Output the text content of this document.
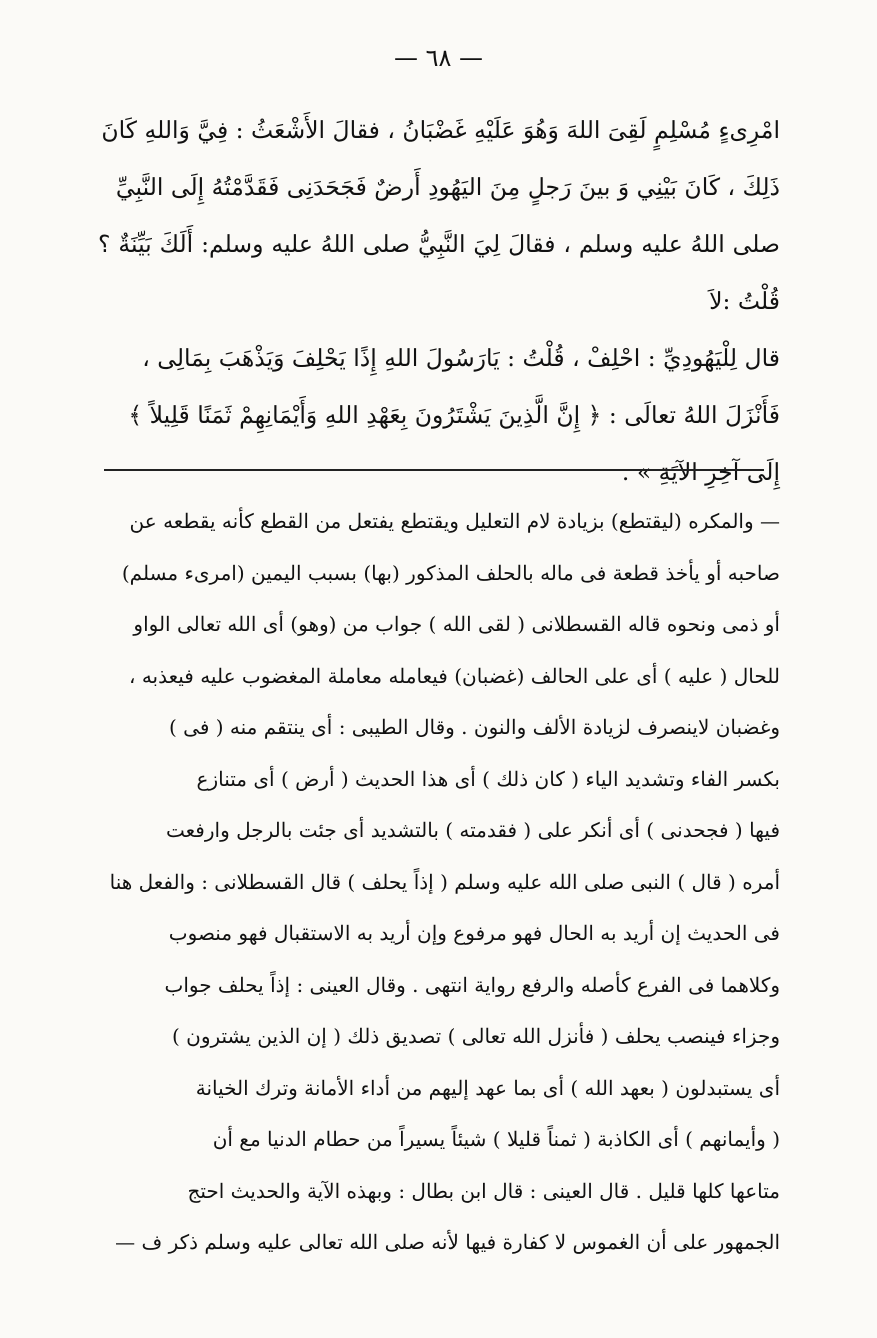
— ٦٨ —

امْرِىءٍ مُسْلِمٍ لَقِىَ اللهَ وَهُوَ عَلَيْهِ غَضْبَانُ ، فقالَ الأَشْعَثُ : فِيَّ وَاللهِ كَانَ

ذَلِكَ ، كَانَ بَيْنِي وَ بينَ رَجلٍ مِنَ اليَهُودِ أَرضٌ فَجَحَدَنِى فَقَدَّمْتُهُ إِلَى النَّبِيِّ

صلى اللهُ عليه وسلم ، فقالَ لِيَ النَّبِيُّ صلى اللهُ عليه وسلم: أَلَكَ بَيِّنَةٌ ؟ قُلْتُ :لاَ

قال لِلْيَهُودِيِّ : احْلِفْ ، قُلْتُ : يَارَسُولَ اللهِ إِذًا يَحْلِفَ وَيَذْهَبَ بِمَالِى ،

فَأَنْزَلَ اللهُ تعالَى : ﴿ إِنَّ الَّذِينَ يَشْتَرُونَ بِعَهْدِ اللهِ وَأَيْمَانِهِمْ ثَمَنًا قَلِيلاً ﴾

إِلَى آخِرِ الآيَةِ » .

— والمكره (ليقتطع) بزيادة لام التعليل ويقتطع يفتعل من القطع كأنه يقطعه عن

صاحبه أو يأخذ قطعة فى ماله بالحلف المذكور (بها) بسبب اليمين (امرىء مسلم)

أو ذمى ونحوه قاله القسطلانى ( لقى الله ) جواب من (وهو) أى الله تعالى الواو

للحال ( عليه ) أى على الحالف (غضبان) فيعامله معاملة المغضوب عليه فيعذبه ،

وغضبان لاينصرف لزيادة الألف والنون . وقال الطيبى : أى ينتقم منه ( فى )

بكسر الفاء وتشديد الياء ( كان ذلك ) أى هذا الحديث ( أرض ) أى متنازع

فيها ( فجحدنى ) أى أنكر على ( فقدمته ) بالتشديد أى جئت بالرجل وارفعت

أمره ( قال ) النبى صلى الله عليه وسلم ( إذاً يحلف ) قال القسطلانى : والفعل هنا

فى الحديث إن أريد به الحال فهو مرفوع وإن أريد به الاستقبال فهو منصوب

وكلاهما فى الفرع كأصله والرفع رواية انتهى . وقال العينى : إذاً يحلف جواب

وجزاء فينصب يحلف ( فأنزل الله تعالى ) تصديق ذلك ( إن الذين يشترون )

أى يستبدلون ( بعهد الله ) أى بما عهد إليهم من أداء الأمانة وترك الخيانة

( وأيمانهم ) أى الكاذبة ( ثمناً قليلا ) شيئاً يسيراً من حطام الدنيا مع أن

متاعها كلها قليل . قال العينى : قال ابن بطال : وبهذه الآية والحديث احتج

الجمهور على أن الغموس لا كفارة فيها لأنه صلى الله تعالى عليه وسلم ذكر ف —
